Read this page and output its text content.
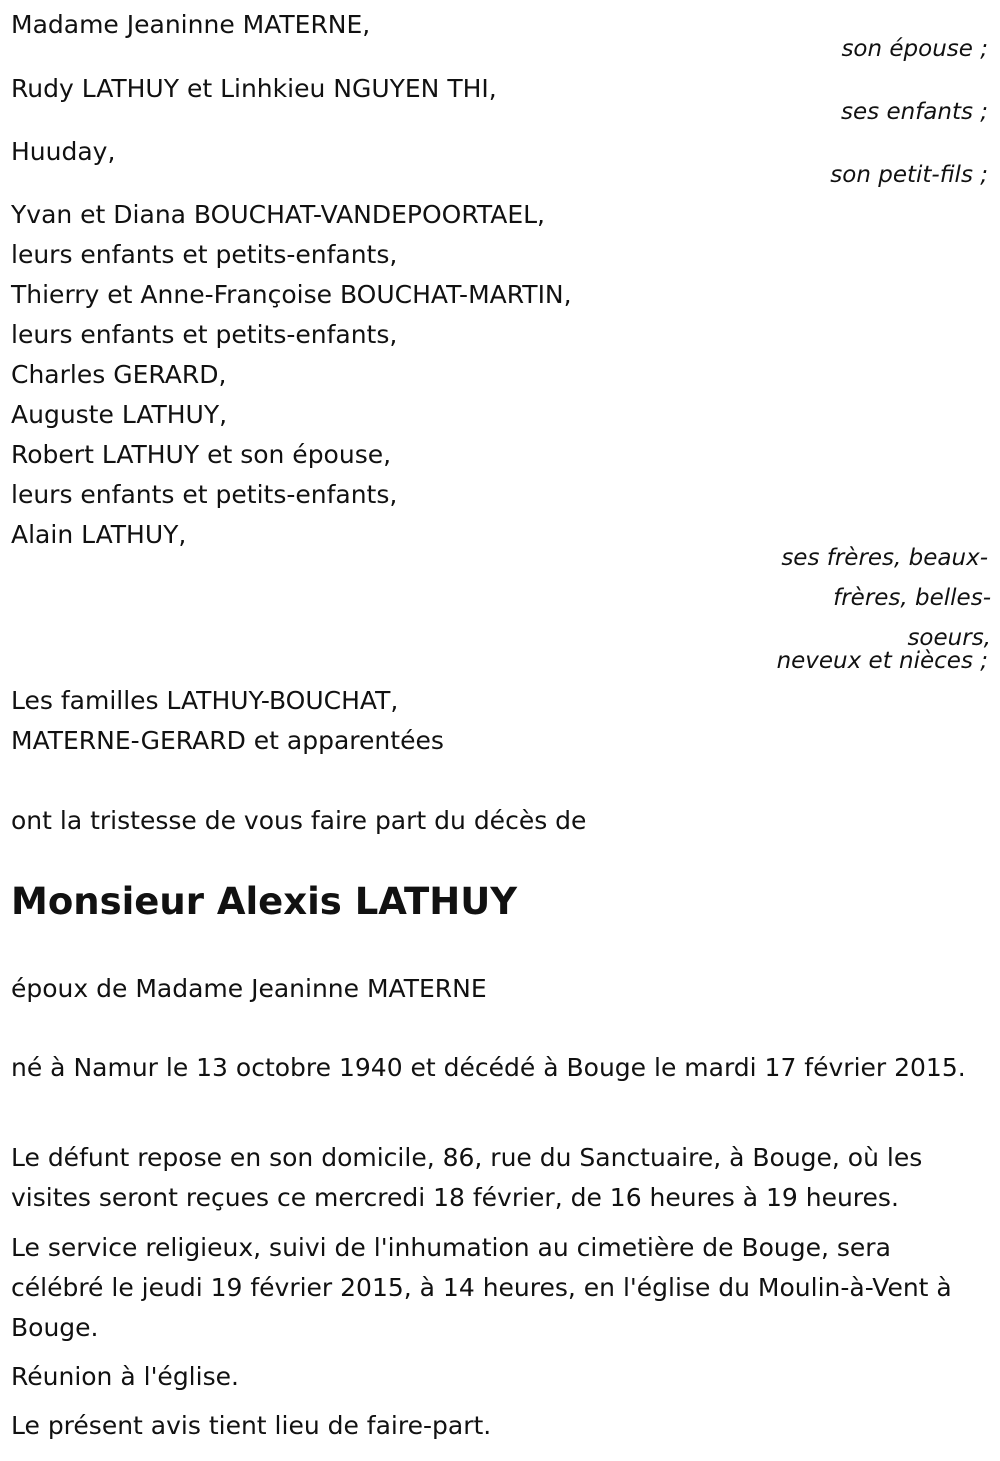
Madame Jeaninne MATERNE,
son épouse ;
Rudy LATHUY et Linhkieu NGUYEN THI,
ses enfants ;
Huuday,
son petit-fils ;
Yvan et Diana BOUCHAT-VANDEPOORTAEL,
leurs enfants et petits-enfants,
Thierry et Anne-Françoise BOUCHAT-MARTIN,
leurs enfants et petits-enfants,
Charles GERARD,
Auguste LATHUY,
Robert LATHUY et son épouse,
leurs enfants et petits-enfants,
Alain LATHUY,
ses frères, beaux-
frères, belles-
soeurs,
neveux et nièces ;
Les familles LATHUY-BOUCHAT,
MATERNE-GERARD et apparentées
ont la tristesse de vous faire part du décès de
Monsieur Alexis LATHUY
époux de Madame Jeaninne MATERNE
né à Namur le 13 octobre 1940 et décédé à Bouge le mardi 17 février 2015.
Le défunt repose en son domicile, 86, rue du Sanctuaire, à Bouge, où les visites seront reçues ce mercredi 18 février, de 16 heures à 19 heures.
Le service religieux, suivi de l'inhumation au cimetière de Bouge, sera célébré le jeudi 19 février 2015, à 14 heures, en l'église du Moulin-à-Vent à Bouge.
Réunion à l'église.
Le présent avis tient lieu de faire-part.
